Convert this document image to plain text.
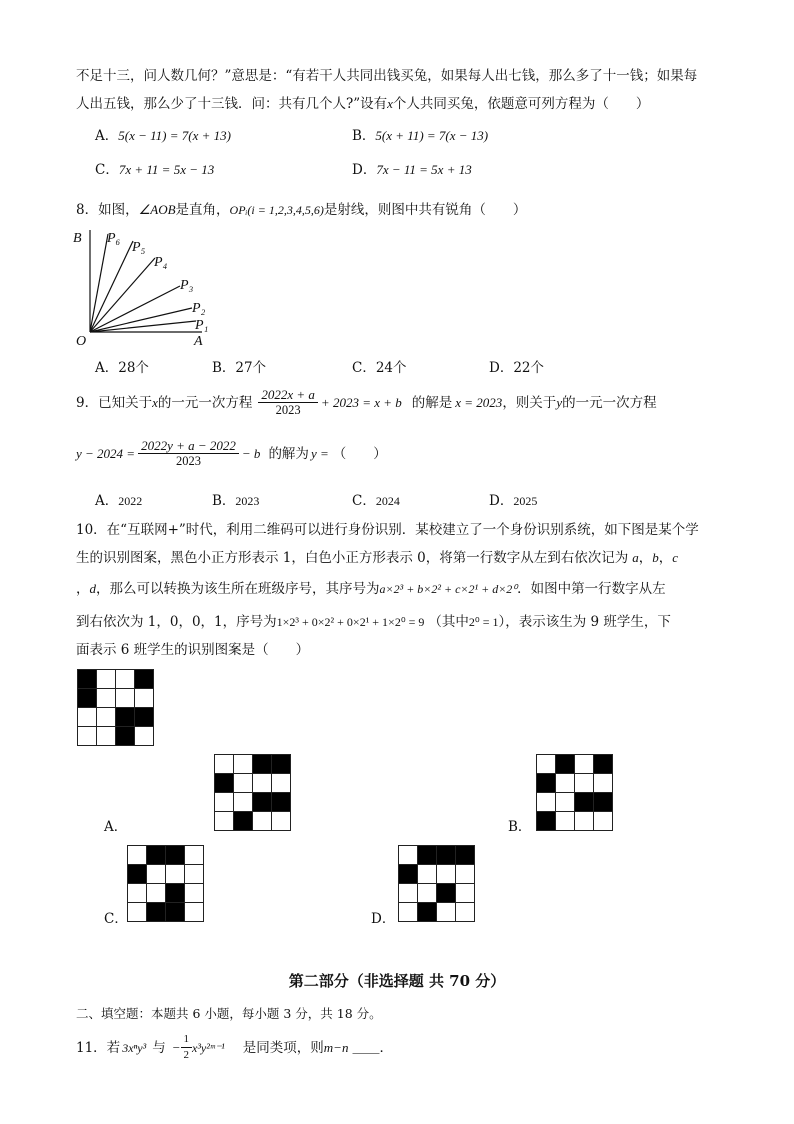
不足十三，问人数几何？”意思是：“有若干人共同出钱买兔，如果每人出七钱，那么多了十一钱；如果每
人出五钱，那么少了十三钱．问：共有几个人?”设有x个人共同买兔，依题意可列方程为（　　）
A．5(x − 11) = 7(x + 13)	B．5(x + 11) = 7(x − 13)
C．7x + 11 = 5x − 13	D．7x − 11 = 5x + 13
8．如图，∠AOB是直角，OPᵢ(i = 1,2,3,4,5,6)是射线，则图中共有锐角（　　）
B
O	A
P₆
P₅
P₄
P₃
P₂
P₁
A．28个	B．27个	C．24个	D．22个
9．已知关于 x 的一元一次方程 $\frac{2022x + a}{2023} + 2023 = x + b$ 的解是 x = 2023 ，则关于 y 的一元一次方程
$y - 2024 = \frac{2022y + a - 2022}{2023} - b$ 的解为 y = （　　）
A．2022	B．2023	C．2024	D．2025
10．在“互联网+”时代，利用二维码可以进行身份识别．某校建立了一个身份识别系统，如下图是某个学
生的识别图案，黑色小正方形表示 1，白色小正方形表示 0，将第一行数字从左到右依次记为 a，b，c
，d，那么可以转换为该生所在班级序号，其序号为a×2³ + b×2² + c×2¹ + d×2⁰．如图中第一行数字从左
到右依次为 1，0，0，1，序号为1×2³ + 0×2² + 0×2¹ + 1×2⁰ = 9 （其中2⁰ = 1），表示该生为 9 班学生，下
面表示 6 班学生的识别图案是（　　）

A．

				B．

C．

				D．

第二部分（非选择题 共 70 分）
二、填空题：本题共 6 小题，每小题 3 分，共 18 分。
11．若 3xⁿy³ 与 − $\frac{1}{2}$ x³y²ᵐ⁻¹ 是同类项，则 m−n ＿＿ ．
